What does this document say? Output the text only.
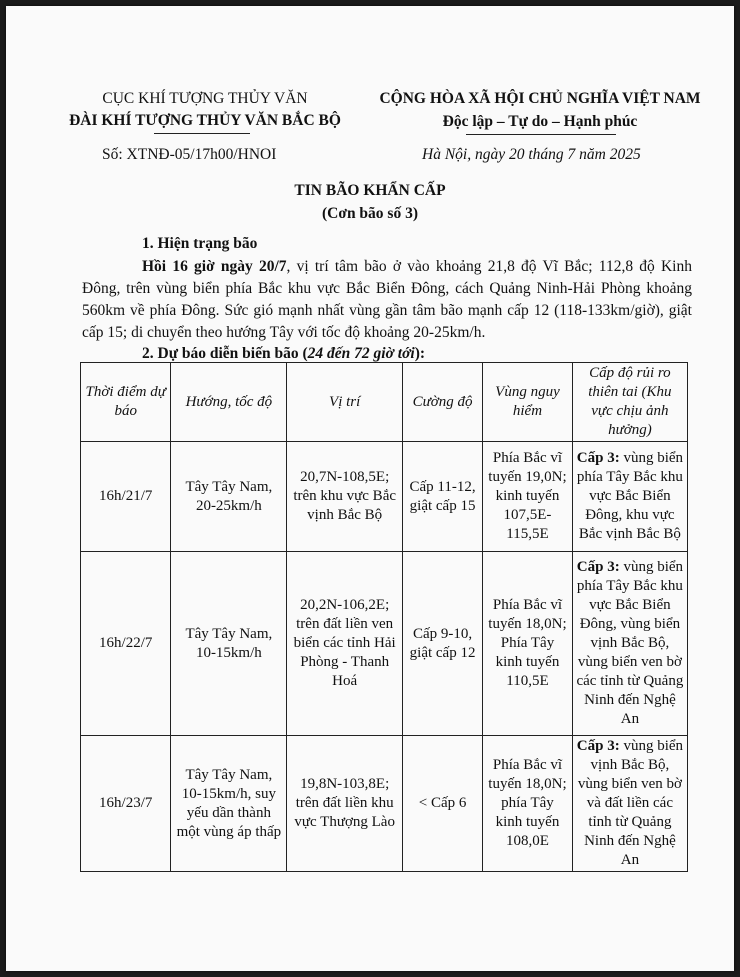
CỤC KHÍ TƯỢNG THỦY VĂN
ĐÀI KHÍ TƯỢNG THỦY VĂN BẮC BỘ
CỘNG HÒA XÃ HỘI CHỦ NGHĨA VIỆT NAM
Độc lập – Tự do – Hạnh phúc
Số: XTNĐ-05/17h00/HNOI	Hà Nội, ngày 20 tháng 7 năm 2025
TIN BÃO KHẨN CẤP
(Cơn bão số 3)
1. Hiện trạng bão
Hồi 16 giờ ngày 20/7, vị trí tâm bão ở vào khoảng 21,8 độ Vĩ Bắc; 112,8 độ Kinh Đông, trên vùng biển phía Bắc khu vực Bắc Biển Đông, cách Quảng Ninh-Hải Phòng khoảng 560km về phía Đông. Sức gió mạnh nhất vùng gần tâm bão mạnh cấp 12 (118-133km/giờ), giật cấp 15; di chuyển theo hướng Tây với tốc độ khoảng 20-25km/h.
2. Dự báo diễn biến bão (24 đến 72 giờ tới):
Thời điểm dự báo	Hướng, tốc độ	Vị trí	Cường độ	Vùng nguy hiểm	Cấp độ rủi ro thiên tai (Khu vực chịu ảnh hưởng)
16h/21/7	Tây Tây Nam, 20-25km/h	20,7N-108,5E; trên khu vực Bắc vịnh Bắc Bộ	Cấp 11-12, giật cấp 15	Phía Bắc vĩ tuyến 19,0N; kinh tuyến 107,5E-115,5E	Cấp 3: vùng biển phía Tây Bắc khu vực Bắc Biển Đông, khu vực Bắc vịnh Bắc Bộ
16h/22/7	Tây Tây Nam, 10-15km/h	20,2N-106,2E; trên đất liền ven biển các tỉnh Hải Phòng - Thanh Hoá	Cấp 9-10, giật cấp 12	Phía Bắc vĩ tuyến 18,0N; Phía Tây kinh tuyến 110,5E	Cấp 3: vùng biển phía Tây Bắc khu vực Bắc Biển Đông, vùng biển vịnh Bắc Bộ, vùng biển ven bờ các tỉnh từ Quảng Ninh đến Nghệ An
16h/23/7	Tây Tây Nam, 10-15km/h, suy yếu dần thành một vùng áp thấp	19,8N-103,8E; trên đất liền khu vực Thượng Lào	< Cấp 6	Phía Bắc vĩ tuyến 18,0N; phía Tây kinh tuyến 108,0E	Cấp 3: vùng biển vịnh Bắc Bộ, vùng biển ven bờ và đất liền các tỉnh từ Quảng Ninh đến Nghệ An
